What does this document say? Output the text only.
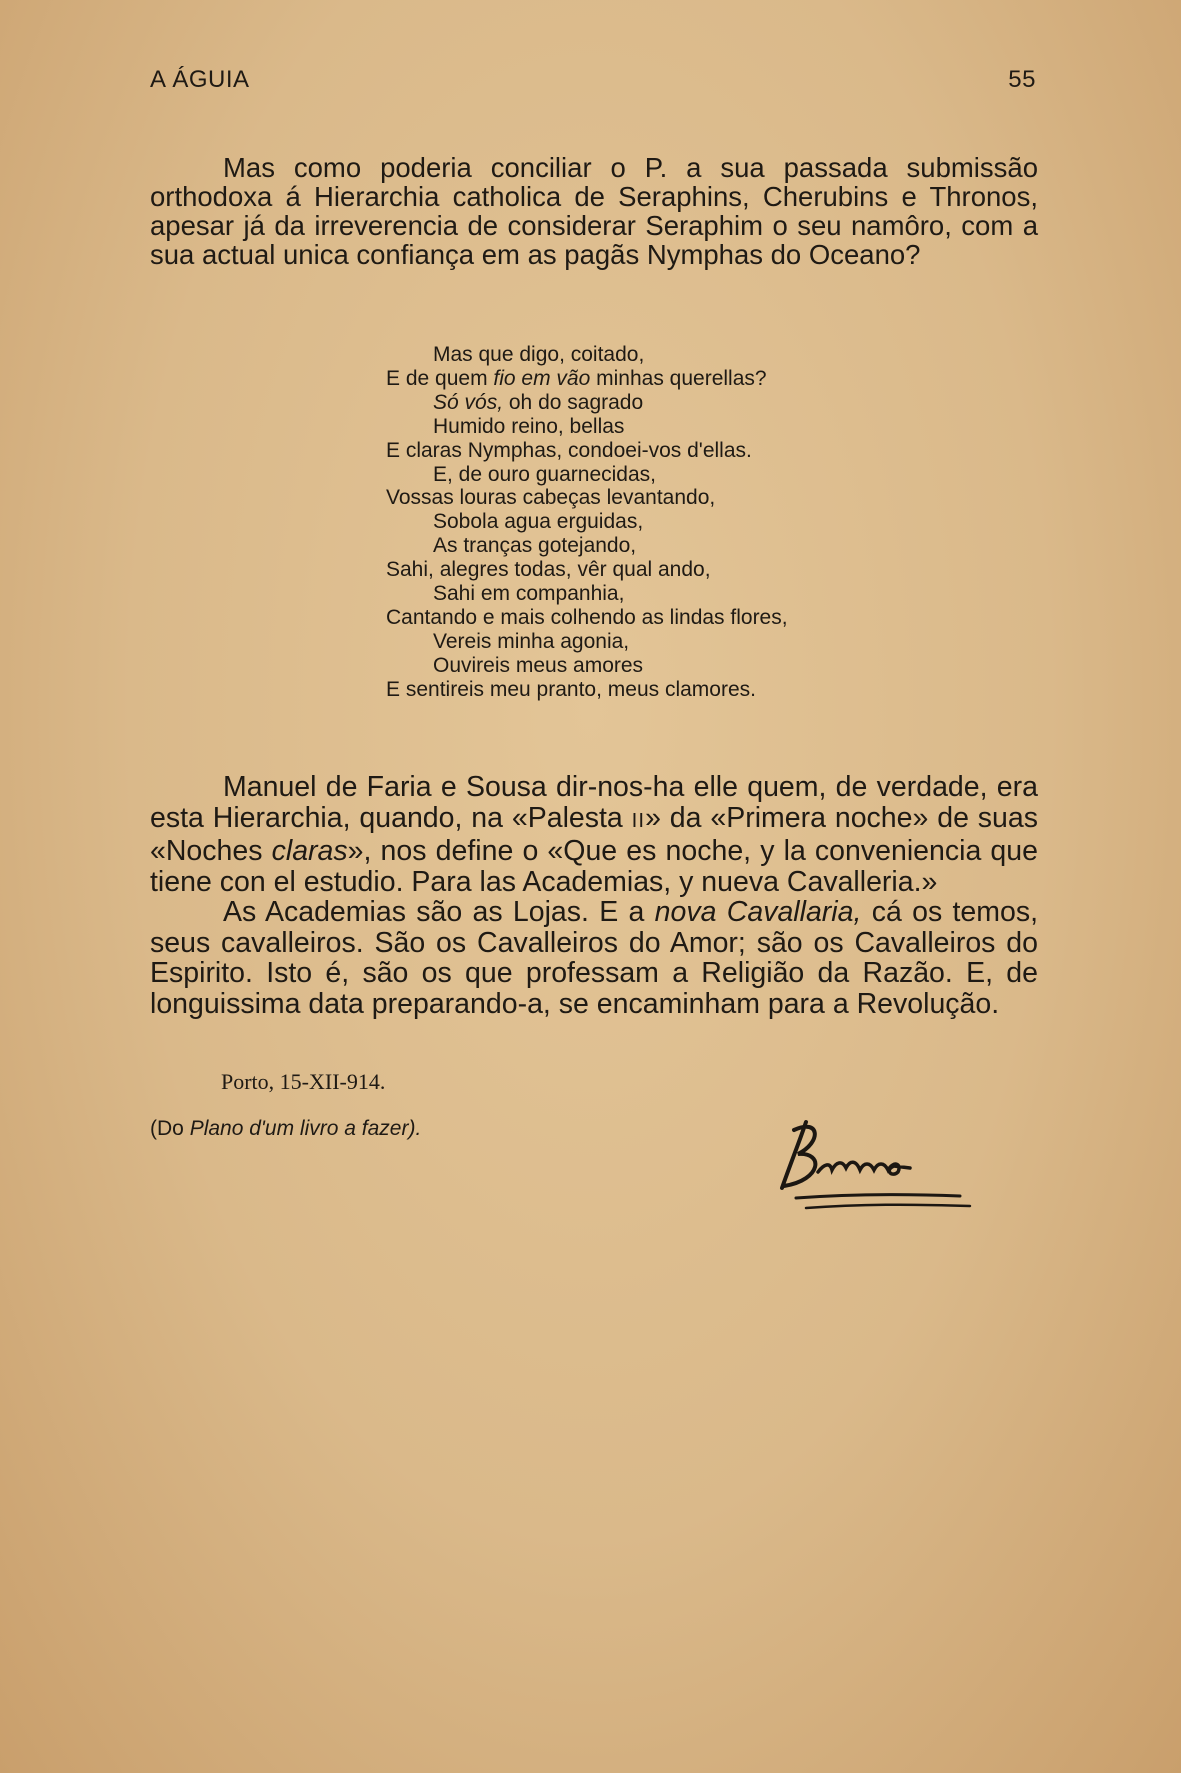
A ÁGUIA	55

Mas como poderia conciliar o P. a sua passada submissão orthodoxa á Hierarchia catholica de Seraphins, Cherubins e Thronos, apesar já da irreverencia de considerar Seraphim o seu namôro, com a sua actual unica confiança em as pagãs Nymphas do Oceano?

Mas que digo, coitado,
E de quem fio em vão minhas querellas?
Só vós, oh do sagrado
Humido reino, bellas
E claras Nymphas, condoei-vos d'ellas.
E, de ouro guarnecidas,
Vossas louras cabeças levantando,
Sobola agua erguidas,
As tranças gotejando,
Sahi, alegres todas, vêr qual ando,
Sahi em companhia,
Cantando e mais colhendo as lindas flores,
Vereis minha agonia,
Ouvireis meus amores
E sentireis meu pranto, meus clamores.

Manuel de Faria e Sousa dir-nos-ha elle quem, de verdade, era esta Hierarchia, quando, na «Palesta II» da «Primera noche» de suas «Noches claras», nos define o «Que es noche, y la conveniencia que tiene con el estudio. Para las Academias, y nueva Cavalleria.»

As Academias são as Lojas. E a nova Cavallaria, cá os temos, seus cavalleiros. São os Cavalleiros do Amor; são os Cavalleiros do Espirito. Isto é, são os que professam a Religião da Razão. E, de longuissima data preparando-a, se encaminham para a Revolução.

Porto, 15-XII-914.
(Do Plano d'um livro a fazer).
